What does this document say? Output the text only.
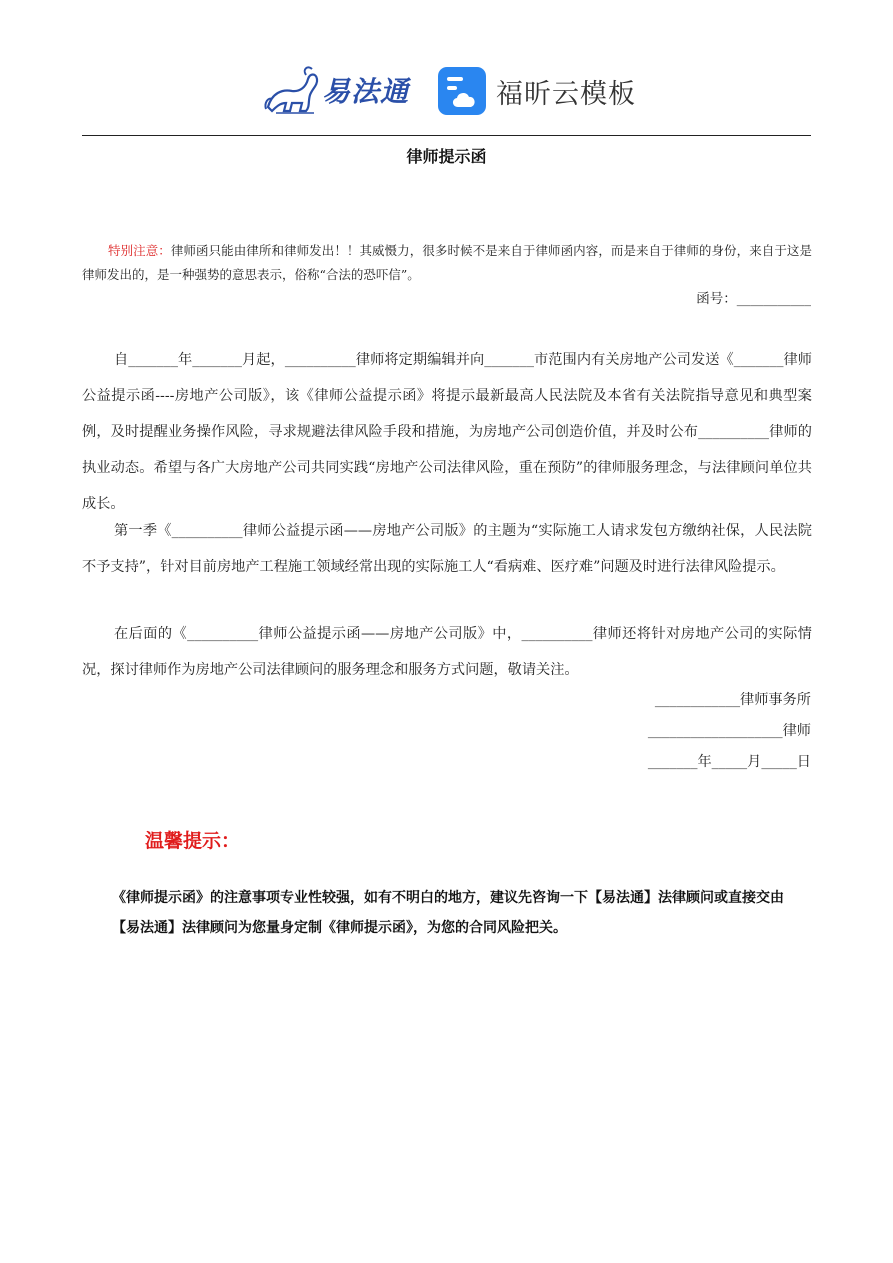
易法通	福昕云模板
律师提示函
特别注意：律师函只能由律所和律师发出！！其威慑力，很多时候不是来自于律师函内容，而是来自于律师的身份，来自于这是律师发出的，是一种强势的意思表示，俗称“合法的恐吓信”。
函号：___________
自_______年_______月起，__________律师将定期编辑并向_______市范围内有关房地产公司发送《_______律师公益提示函----房地产公司版》，该《律师公益提示函》将提示最新最高人民法院及本省有关法院指导意见和典型案例，及时提醒业务操作风险，寻求规避法律风险手段和措施，为房地产公司创造价值，并及时公布__________律师的执业动态。希望与各广大房地产公司共同实践“房地产公司法律风险，重在预防”的律师服务理念，与法律顾问单位共成长。
第一季《__________律师公益提示函——房地产公司版》的主题为“实际施工人请求发包方缴纳社保，人民法院不予支持”，针对目前房地产工程施工领域经常出现的实际施工人“看病难、医疗难”问题及时进行法律风险提示。
在后面的《__________律师公益提示函——房地产公司版》中，__________律师还将针对房地产公司的实际情况，探讨律师作为房地产公司法律顾问的服务理念和服务方式问题，敬请关注。
____________律师事务所
___________________律师
_______年_____月_____日
温馨提示：
《律师提示函》的注意事项专业性较强，如有不明白的地方，建议先咨询一下【易法通】法律顾问或直接交由【易法通】法律顾问为您量身定制《律师提示函》，为您的合同风险把关。
